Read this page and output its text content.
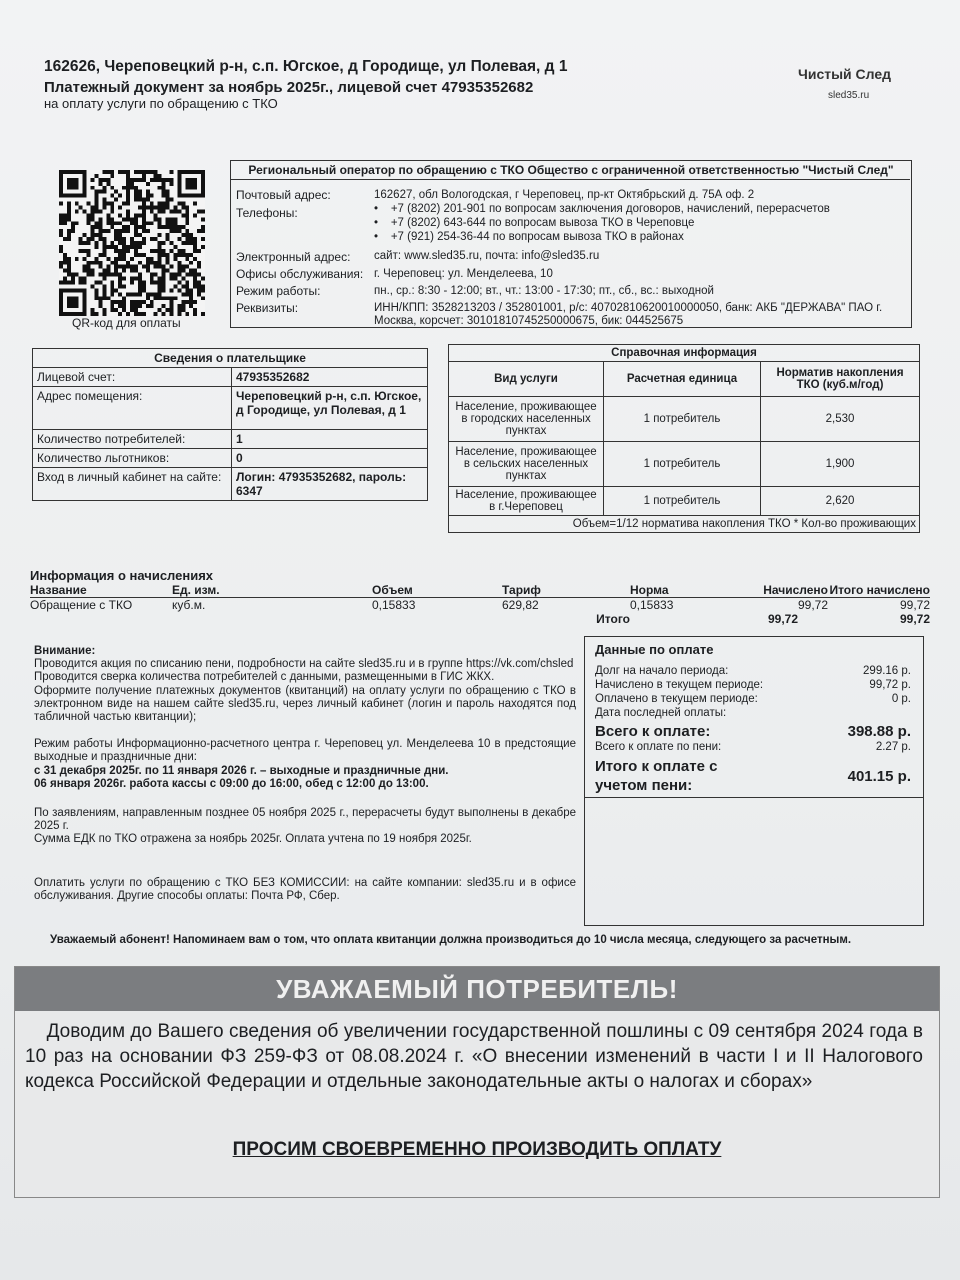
162626, Череповецкий р-н, с.п. Югское, д Городище, ул Полевая, д 1
Платежный документ за ноябрь 2025г., лицевой счет 47935352682
на оплату услуги по обращению с ТКО
Чистый След
sled35.ru
QR-код для оплаты
Региональный оператор по обращению с ТКО Общество с ограниченной ответственностью "Чистый След"
Почтовый адрес:	162627, обл Вологодская, г Череповец, пр-кт Октябрьский д. 75А оф. 2
Телефоны:	•    +7 (8202) 201-901 по вопросам заключения договоров, начислений, перерасчетов
•    +7 (8202) 643-644 по вопросам вывоза ТКО в Череповце
•    +7 (921) 254-36-44 по вопросам вывоза ТКО в районах
Электронный адрес: сайт: www.sled35.ru, почта: info@sled35.ru
Офисы обслуживания: г. Череповец: ул. Менделеева, 10
Режим работы:	пн., ср.: 8:30 - 12:00; вт., чт.: 13:00 - 17:30; пт., сб., вс.: выходной
Реквизиты:	ИНН/КПП: 3528213203 / 352801001, р/с: 40702810620010000050, банк: АКБ "ДЕРЖАВА" ПАО г.
Москва, корсчет: 30101810745250000675, бик: 044525675
Сведения о плательщике	
Лицевой счет:	47935352682
Адрес помещения:	Череповецкий р-н, с.п. Югское, д Городище, ул Полевая, д 1
Количество потребителей:	1
Количество льготников:	0
Вход в личный кабинет на сайте:	Логин: 47935352682, пароль: 6347
Справочная информация		
Вид услуги	Расчетная единица	Норматив накопления ТКО (куб.м/год)
Население, проживающее в городских населенных пунктах	1 потребитель	2,530
Население, проживающее в сельских населенных пунктах	1 потребитель	1,900
Население, проживающее в г.Череповец	1 потребитель	2,620
Объем=1/12 норматива накопления ТКО * Кол-во проживающих		
Информация о начислениях
Название	Ед. изм.	Объем	Тариф	Норма	Начислено Итого начислено
Обращение с ТКО	куб.м.	0,15833	629,82	0,15833	99,72	99,72
Итого	99,72	99,72
Внимание:
Проводится акция по списанию пени, подробности на сайте sled35.ru и в группе https://vk.com/chsled
Проводится сверка количества потребителей с данными, размещенными в ГИС ЖКХ.
Оформите получение платежных документов (квитанций) на оплату услуги по обращению с ТКО в электронном виде на нашем сайте sled35.ru, через личный кабинет (логин и пароль находятся под табличной частью квитанции);
Режим работы Информационно-расчетного центра г. Череповец ул. Менделеева 10 в предстоящие выходные и праздничные дни:
с 31 декабря 2025г. по 11 января 2026 г. – выходные и праздничные дни.
06 января 2026г. работа кассы с 09:00 до 16:00, обед с 12:00 до 13:00.
По заявлениям, направленным позднее 05 ноября 2025 г., перерасчеты будут выполнены в декабре 2025 г.
Сумма ЕДК по ТКО отражена за ноябрь 2025г. Оплата учтена по 19 ноября 2025г.
Оплатить услуги по обращению с ТКО БЕЗ КОМИССИИ: на сайте компании: sled35.ru и в офисе обслуживания. Другие способы оплаты: Почта РФ, Сбер.
Данные по оплате
Долг на начало периода:	299.16 р.
Начислено в текущем периоде:	99,72 р.
Оплачено в текущем периоде:	0 р.
Дата последней оплаты:
Всего к оплате:	398.88 р.
Всего к оплате по пени:	2.27 р.
Итого к оплате с учетом пени:
401.15 р.
Уважаемый абонент! Напоминаем вам о том, что оплата квитанции должна производиться до 10 числа месяца, следующего за расчетным.
УВАЖАЕМЫЙ ПОТРЕБИТЕЛЬ!
Доводим до Вашего сведения об увеличении государственной пошлины с 09 сентября 2024 года в 10 раз на основании ФЗ 259-ФЗ от 08.08.2024 г. «О внесении изменений в части I и II Налогового кодекса Российской Федерации и отдельные законодательные акты о налогах и сборах»
ПРОСИМ СВОЕВРЕМЕННО ПРОИЗВОДИТЬ ОПЛАТУ
